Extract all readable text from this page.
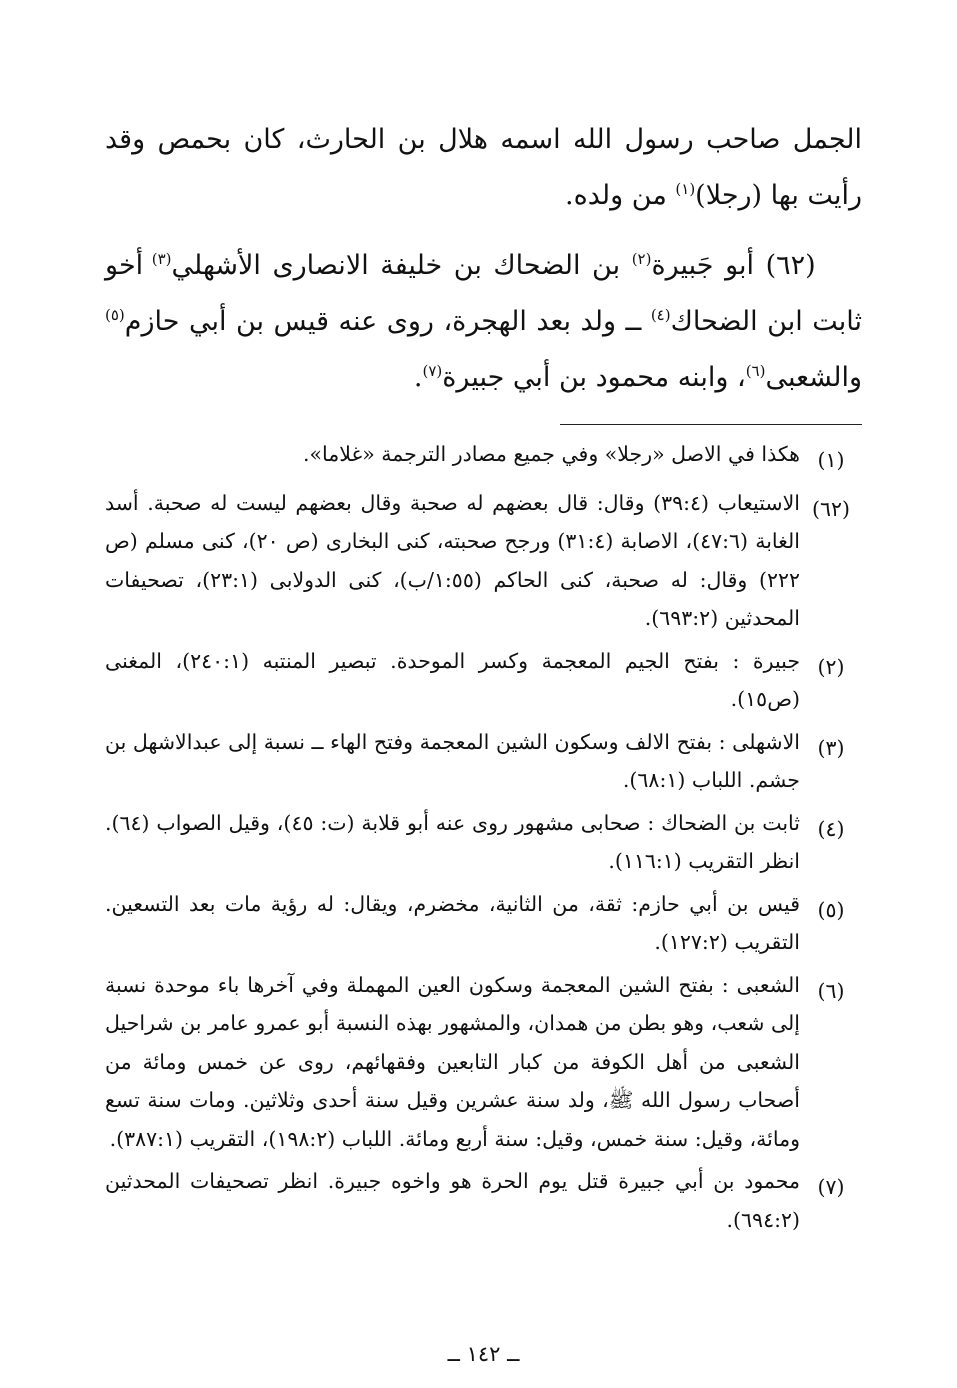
الجمل صاحب رسول الله اسمه هلال بن الحارث، كان بحمص وقد رأيت بها (رجلا)$^{(١)}$ من ولده.

(٦٢) أبو جَبيرة$^{(٢)}$ بن الضحاك بن خليفة الانصارى الأشهلي$^{(٣)}$ أخو ثابت ابن الضحاك$^{(٤)}$ ــ ولد بعد الهجرة، روى عنه قيس بن أبي حازم$^{(٥)}$ والشعبى$^{(٦)}$، وابنه محمود بن أبي جبيرة$^{(٧)}$.

(١)
هكذا في الاصل «رجلا» وفي جميع مصادر الترجمة «غلاما».
(٦٢)
الاستيعاب (٣٩:٤) وقال: قال بعضهم له صحبة وقال بعضهم ليست له صحبة. أسد الغابة (٤٧:٦)، الاصابة (٣١:٤) ورجح صحبته، كنى البخارى (ص ٢٠)، كنى مسلم (ص ٢٢٢) وقال: له صحبة، كنى الحاكم (١:٥٥/ب)، كنى الدولابى (٢٣:١)، تصحيفات المحدثين (٦٩٣:٢).
(٢)
جبيرة : بفتح الجيم المعجمة وكسر الموحدة. تبصير المنتبه (٢٤٠:١)، المغنى (ص١٥).
(٣)
الاشهلى : بفتح الالف وسكون الشين المعجمة وفتح الهاء ــ نسبة إلى عبدالاشهل بن جشم. اللباب (٦٨:١).
(٤)
ثابت بن الضحاك : صحابى مشهور روى عنه أبو قلابة (ت: ٤٥)، وقيل الصواب (٦٤). انظر التقريب (١١٦:١).
(٥)
قيس بن أبي حازم: ثقة، من الثانية، مخضرم، ويقال: له رؤية مات بعد التسعين. التقريب (١٢٧:٢).
(٦)
الشعبى : بفتح الشين المعجمة وسكون العين المهملة وفي آخرها باء موحدة نسبة إلى شعب، وهو بطن من همدان، والمشهور بهذه النسبة أبو عمرو عامر بن شراحيل الشعبى من أهل الكوفة من كبار التابعين وفقهائهم، روى عن خمس ومائة من أصحاب رسول الله ﷺ، ولد سنة عشرين وقيل سنة أحدى وثلاثين. ومات سنة تسع ومائة، وقيل: سنة خمس، وقيل: سنة أربع ومائة. اللباب (١٩٨:٢)، التقريب (٣٨٧:١).
(٧)
محمود بن أبي جبيرة قتل يوم الحرة هو واخوه جبيرة. انظر تصحيفات المحدثين (٦٩٤:٢).
ــ ١٤٢ ــ
